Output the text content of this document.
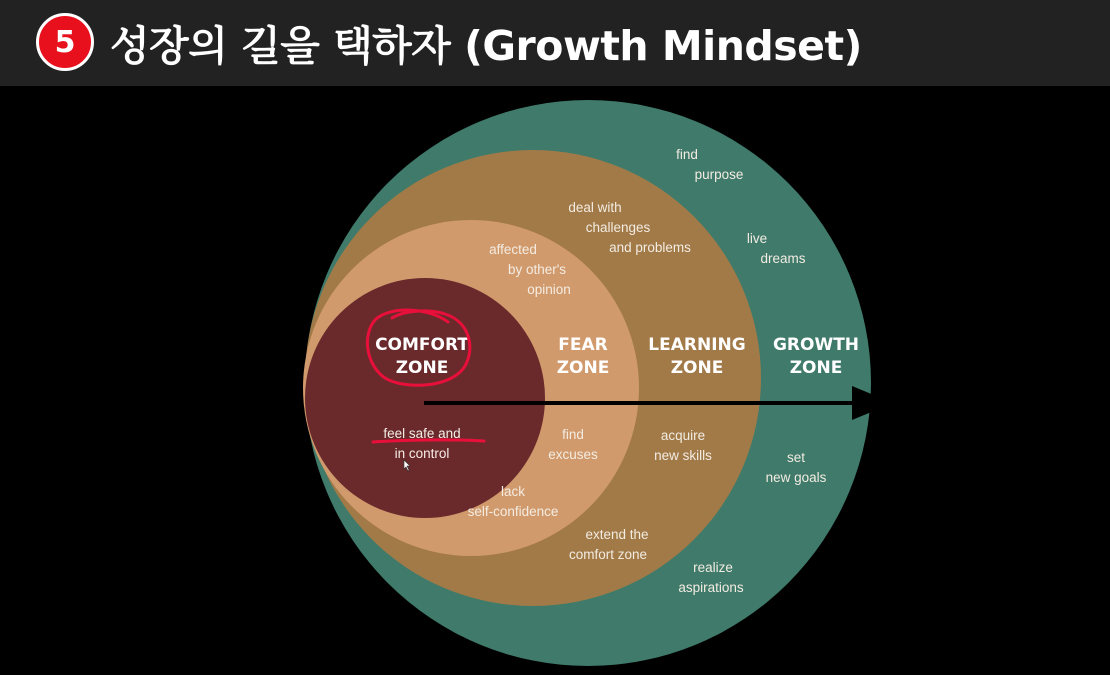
5 성장의 길을 택하자 (Growth Mindset)
COMFORT
ZONE
feel safe and
in control
affected
by other's
opinion
FEAR
ZONE
find
excuses
lack
self-confidence
deal with
challenges
and problems
LEARNING
ZONE
acquire
new skills
extend the
comfort zone
find
purpose
live
dreams
GROWTH
ZONE
set
new goals
realize
aspirations
